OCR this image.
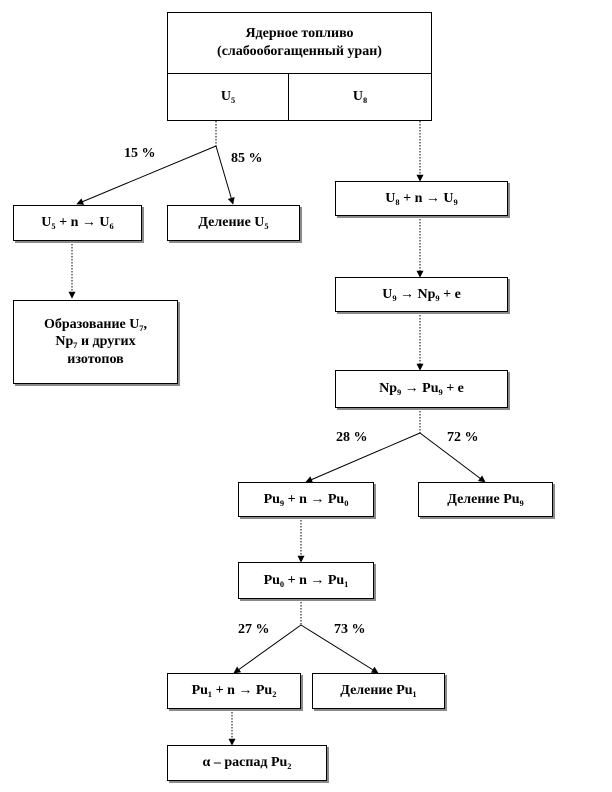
Ядерное топливо
(слабообогащенный уран)
U₅	U₈
15 %	85 %
28 %	72 %
27 %	73 %
U₅ + n → U₆	Деление U₅
Образование U₇,
Np₇ и других
изотопов
U₈ + n → U₉
U₉ → Np₉ + e
Np₉ → Pu₉ + e
Pu₉ + n → Pu₀	Деление Pu₉
Pu₀ + n → Pu₁
Pu₁ + n → Pu₂	Деление Pu₁
α – распад Pu₂
